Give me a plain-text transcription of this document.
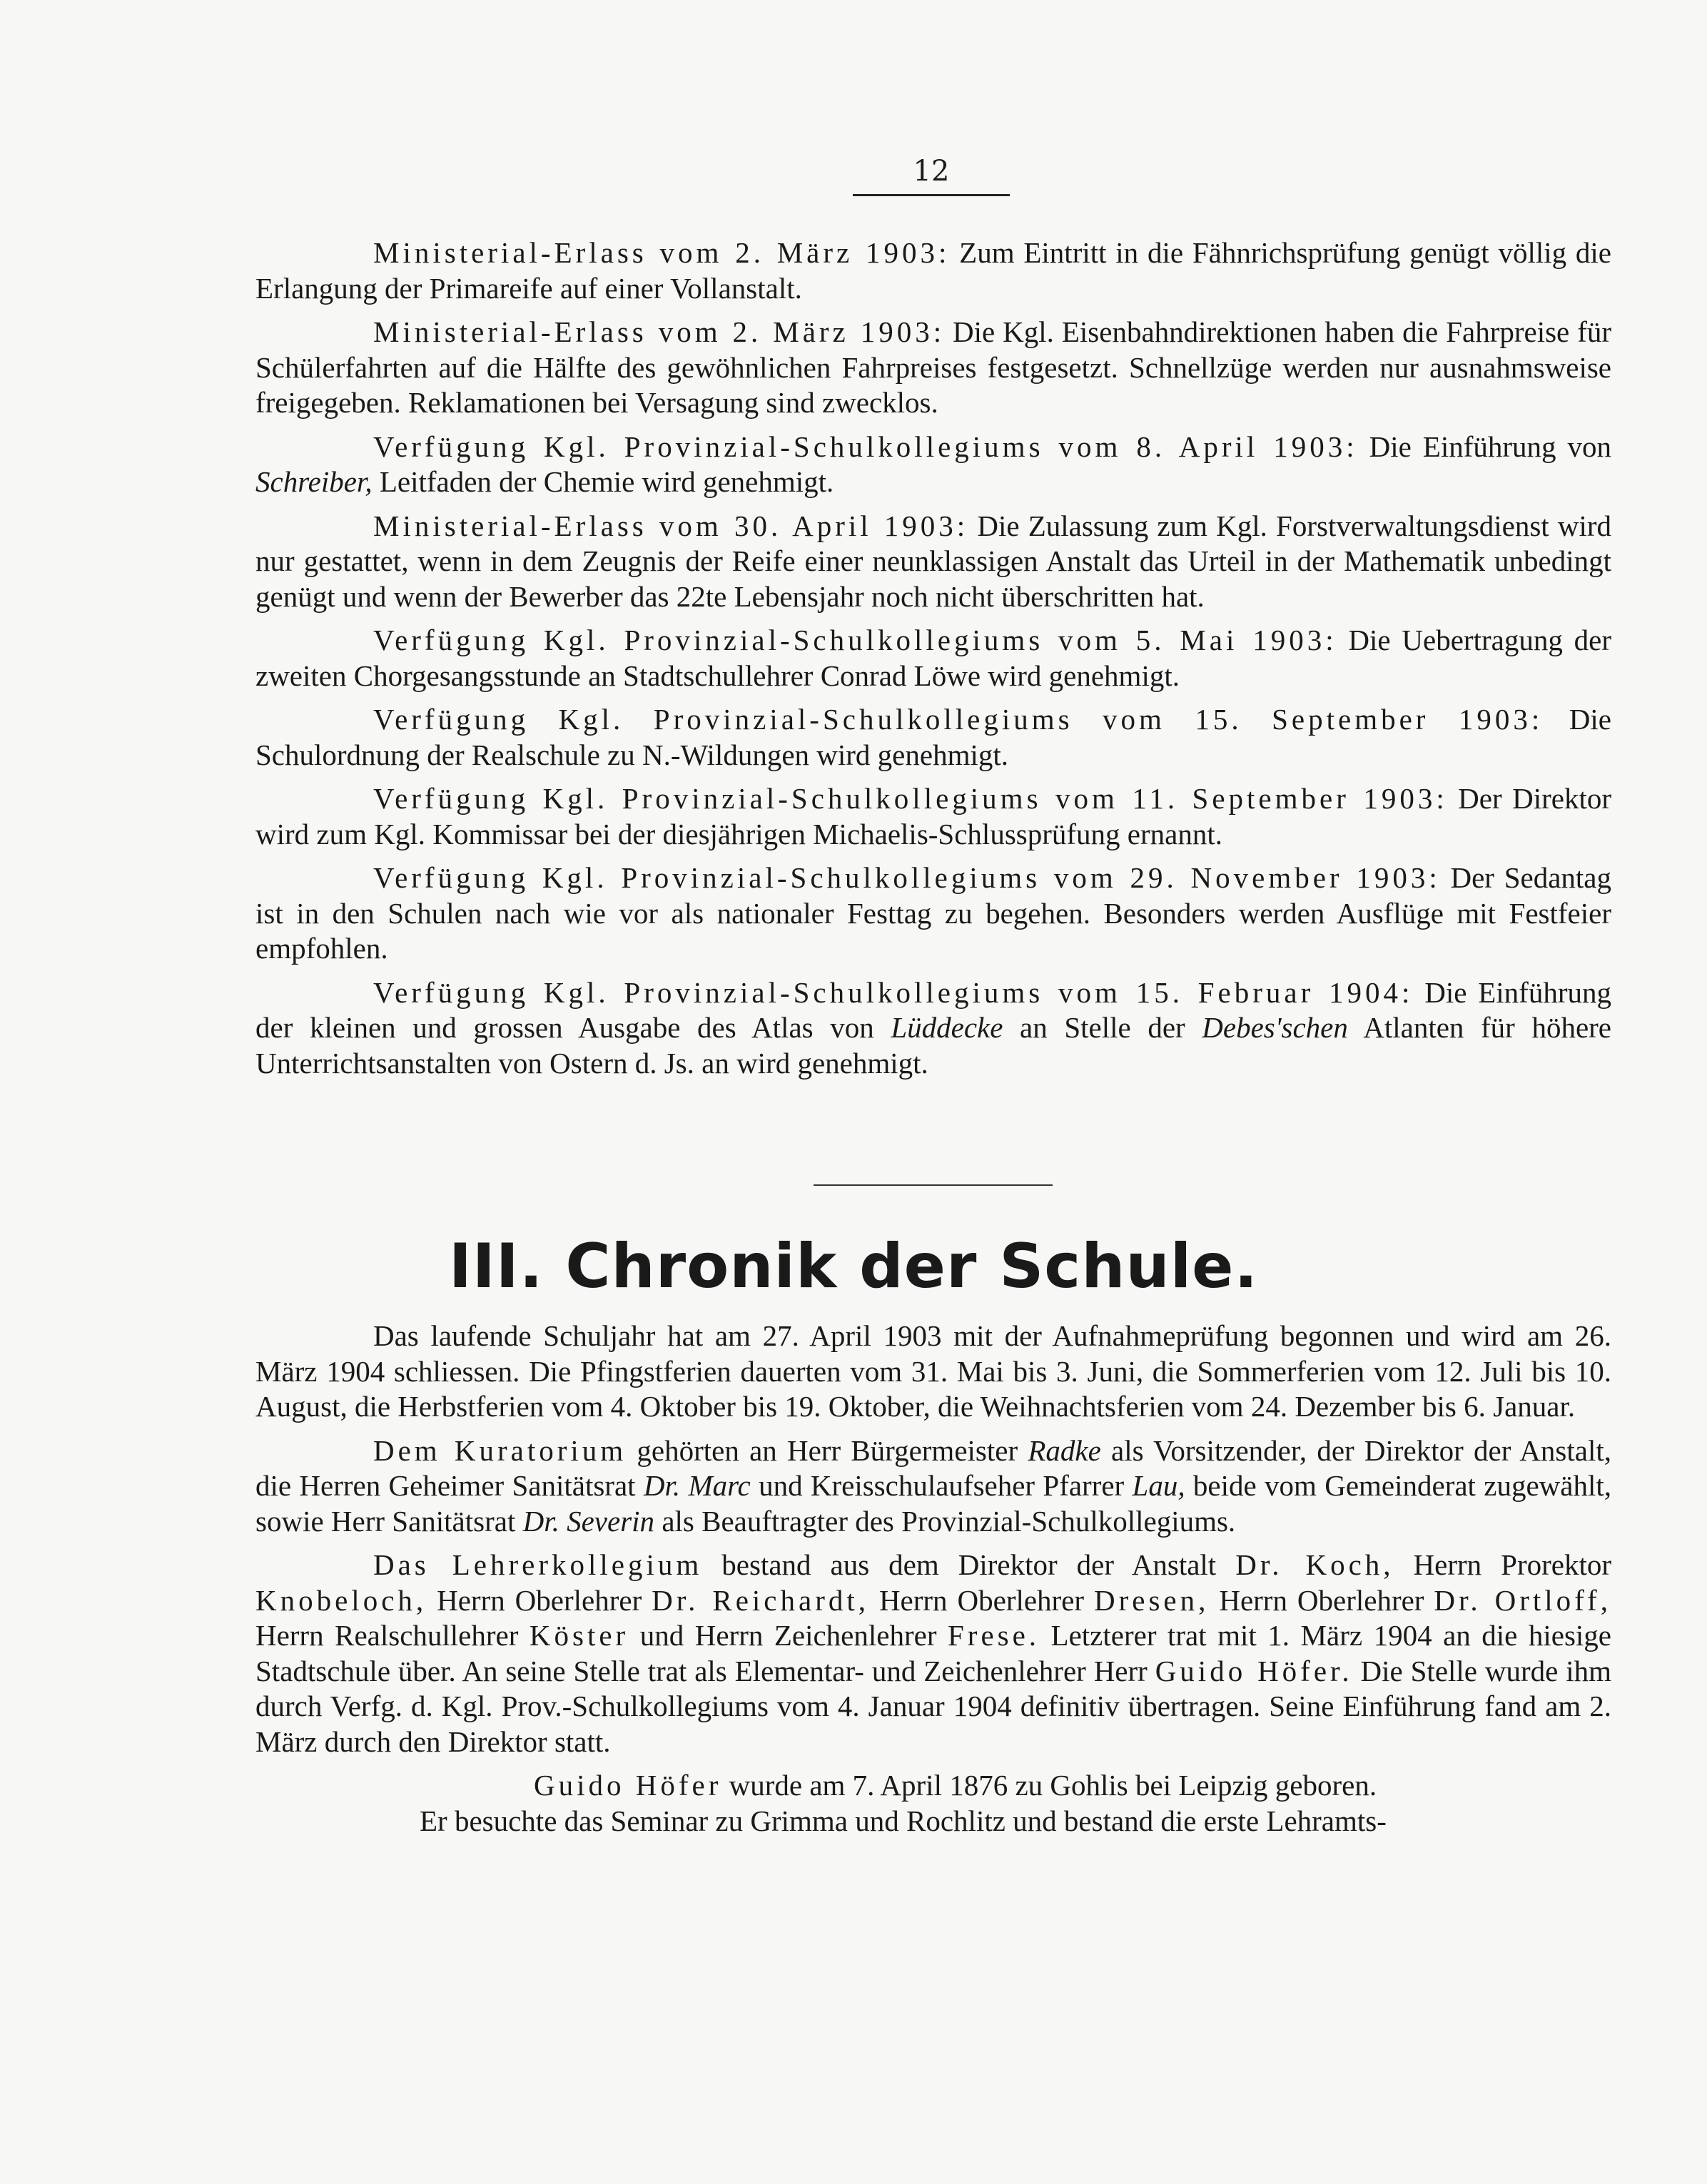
12

Ministerial-Erlass vom 2. März 1903: Zum Eintritt in die Fähnrichsprüfung genügt völlig die Erlangung der Primareife auf einer Vollanstalt.

Ministerial-Erlass vom 2. März 1903: Die Kgl. Eisenbahndirektionen haben die Fahrpreise für Schülerfahrten auf die Hälfte des gewöhnlichen Fahrpreises festgesetzt. Schnellzüge werden nur ausnahmsweise freigegeben. Reklamationen bei Versagung sind zwecklos.

Verfügung Kgl. Provinzial-Schulkollegiums vom 8. April 1903: Die Einführung von Schreiber, Leitfaden der Chemie wird genehmigt.

Ministerial-Erlass vom 30. April 1903: Die Zulassung zum Kgl. Forstverwaltungsdienst wird nur gestattet, wenn in dem Zeugnis der Reife einer neunklassigen Anstalt das Urteil in der Mathematik unbedingt genügt und wenn der Bewerber das 22te Lebensjahr noch nicht überschritten hat.

Verfügung Kgl. Provinzial-Schulkollegiums vom 5. Mai 1903: Die Uebertragung der zweiten Chorgesangsstunde an Stadtschullehrer Conrad Löwe wird genehmigt.

Verfügung Kgl. Provinzial-Schulkollegiums vom 15. September 1903: Die Schulordnung der Realschule zu N.-Wildungen wird genehmigt.

Verfügung Kgl. Provinzial-Schulkollegiums vom 11. September 1903: Der Direktor wird zum Kgl. Kommissar bei der diesjährigen Michaelis-Schlussprüfung ernannt.

Verfügung Kgl. Provinzial-Schulkollegiums vom 29. November 1903: Der Sedantag ist in den Schulen nach wie vor als nationaler Festtag zu begehen. Besonders werden Ausflüge mit Festfeier empfohlen.

Verfügung Kgl. Provinzial-Schulkollegiums vom 15. Februar 1904: Die Einführung der kleinen und grossen Ausgabe des Atlas von Lüddecke an Stelle der Debes'schen Atlanten für höhere Unterrichtsanstalten von Ostern d. Js. an wird genehmigt.

III. Chronik der Schule.

Das laufende Schuljahr hat am 27. April 1903 mit der Aufnahmeprüfung begonnen und wird am 26. März 1904 schliessen. Die Pfingstferien dauerten vom 31. Mai bis 3. Juni, die Sommerferien vom 12. Juli bis 10. August, die Herbstferien vom 4. Oktober bis 19. Oktober, die Weihnachtsferien vom 24. Dezember bis 6. Januar.

Dem Kuratorium gehörten an Herr Bürgermeister Radke als Vorsitzender, der Direktor der Anstalt, die Herren Geheimer Sanitätsrat Dr. Marc und Kreisschulaufseher Pfarrer Lau, beide vom Gemeinderat zugewählt, sowie Herr Sanitätsrat Dr. Severin als Beauftragter des Provinzial-Schulkollegiums.

Das Lehrerkollegium bestand aus dem Direktor der Anstalt Dr. Koch, Herrn Prorektor Knobeloch, Herrn Oberlehrer Dr. Reichardt, Herrn Oberlehrer Dresen, Herrn Oberlehrer Dr. Ortloff, Herrn Realschullehrer Köster und Herrn Zeichenlehrer Frese. Letzterer trat mit 1. März 1904 an die hiesige Stadtschule über. An seine Stelle trat als Elementar- und Zeichenlehrer Herr Guido Höfer. Die Stelle wurde ihm durch Verfg. d. Kgl. Prov.-Schulkollegiums vom 4. Januar 1904 definitiv übertragen. Seine Einführung fand am 2. März durch den Direktor statt.

Guido Höfer wurde am 7. April 1876 zu Gohlis bei Leipzig geboren.

Er besuchte das Seminar zu Grimma und Rochlitz und bestand die erste Lehramts-
